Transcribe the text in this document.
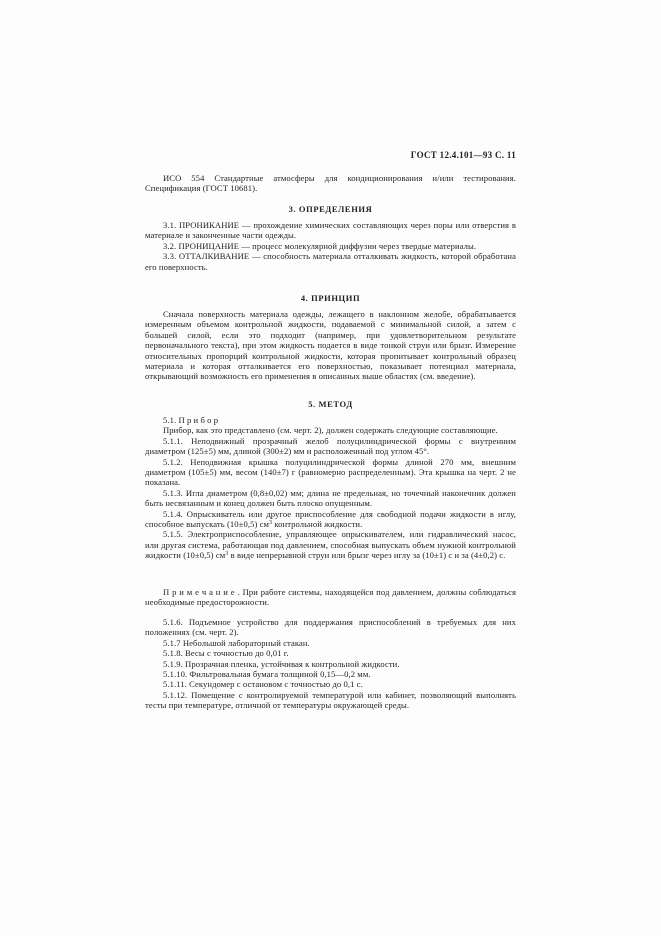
ГОСТ 12.4.101—93 С. 11

ИСО 554 Стандартные атмосферы для кондиционирования и/или тестирования. Спецификация (ГОСТ 10681).

3. ОПРЕДЕЛЕНИЯ

3.1. ПРОНИКАНИЕ — прохождение химических составляющих через поры или отверстия в материале и законченные части одежды.

3.2. ПРОНИЦАНИЕ — процесс молекулярной диффузии через твердые материалы.

3.3. ОТТАЛКИВАНИЕ — способность материала отталкивать жидкость, которой обработана его поверхность.

4. ПРИНЦИП

Сначала поверхность материала одежды, лежащего в наклонном желобе, обрабатывается измеренным объемом контрольной жидкости, подаваемой с минимальной силой, а затем с большей силой, если это подходит (например, при удовлетворительном результате первоначального текста), при этом жидкость подается в виде тонкой струи или брызг. Измерение относительных пропорций контрольной жидкости, которая пропитывает контрольный образец материала и которая отталкивается его поверхностью, показывает потенциал материала, открывающий возможность его применения в описанных выше областях (см. введение).

5. МЕТОД

5.1. П р и б о р

Прибор, как это представлено (см. черт. 2), должен содержать следующие составляющие.

5.1.1. Неподвижный прозрачный желоб полуцилиндрической формы с внутренним диаметром (125±5) мм, длиной (300±2) мм и расположенный под углом 45°.

5.1.2. Неподвижная крышка полуцилиндрической формы длиной 270 мм, внешним диаметром (105±5) мм, весом (140±7) г (равномерно распределенным). Эта крышка на черт. 2 не показана.

5.1.3. Игла диаметром (0,8±0,02) мм; длина не предельная, но точечный наконечник должен быть несвязанным и конец должен быть плоско опущенным.

5.1.4. Опрыскиватель или другое приспособление для свободной подачи жидкости в иглу, способное выпускать (10±0,5) $см^3$ контрольной жидкости.

5.1.5. Электроприспособление, управляющее опрыскивателем, или гидравлический насос, или другая система, работающая под давлением, способная выпускать объем нужной контрольной жидкости (10±0,5) $см^3$ в виде непрерывной струи или брызг через иглу за (10±1) с и за (4±0,2) с.

П р и м е ч а н и е . При работе системы, находящейся под давлением, должны соблюдаться необходимые предосторожности.

5.1.6. Подъемное устройство для поддержания приспособлений в требуемых для них положениях (см. черт. 2).

5.1.7 Небольшой лабораторный стакан.

5.1.8. Весы с точностью до 0,01 г.

5.1.9. Прозрачная пленка, устойчивая к контрольной жидкости.

5.1.10. Фильтровальная бумага толщиной 0,15—0,2 мм.

5.1.11. Секундомер с остановом с точностью до 0,1 с.

5.1.12. Помещение с контролируемой температурой или кабинет, позволяющий выполнять тесты при температуре, отличной от температуры окружающей среды.
